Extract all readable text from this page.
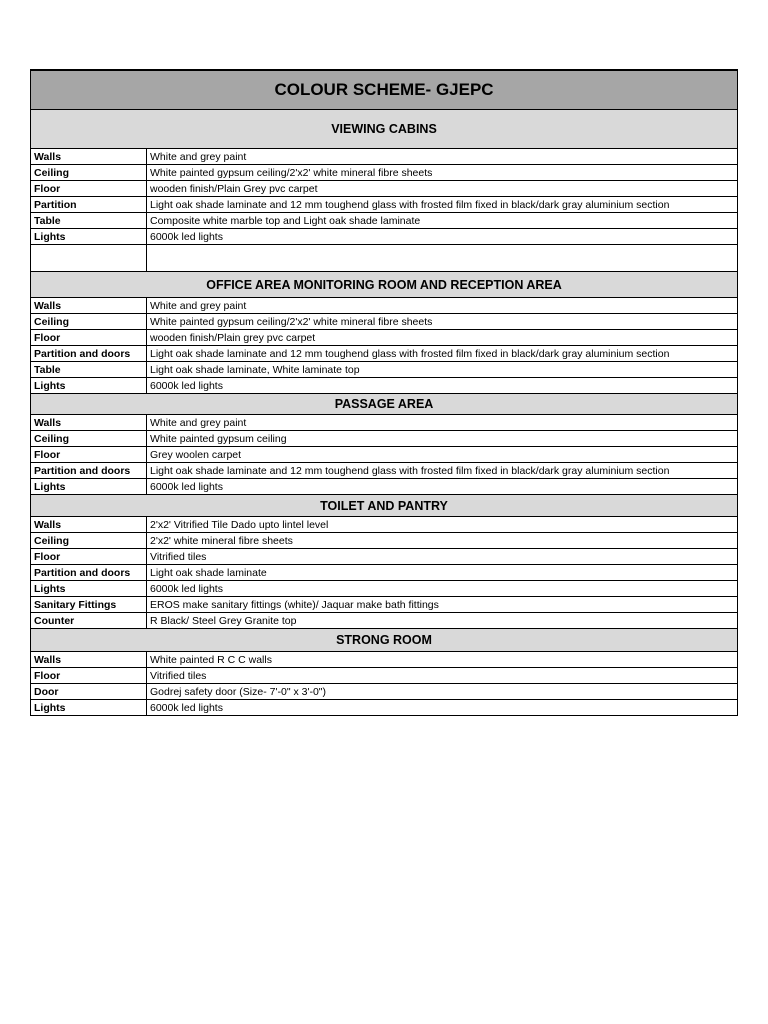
COLOUR SCHEME- GJEPC	
VIEWING CABINS	
Walls	White and grey paint
Ceiling	White painted gypsum ceiling/2'x2' white mineral fibre sheets
Floor	wooden finish/Plain Grey pvc carpet
Partition	Light oak shade laminate and 12 mm toughend glass with frosted film fixed in black/dark gray aluminium section
Table	Composite white marble top and Light oak shade laminate
Lights	6000k led lights

OFFICE AREA MONITORING ROOM AND RECEPTION AREA	
Walls	White and grey paint
Ceiling	White painted gypsum ceiling/2'x2' white mineral fibre sheets
Floor	wooden finish/Plain grey pvc carpet
Partition and doors	Light oak shade laminate and 12 mm toughend glass with frosted film fixed in black/dark gray aluminium section
Table	Light oak shade laminate, White laminate top
Lights	6000k led lights
PASSAGE AREA	
Walls	White and grey paint
Ceiling	White painted gypsum ceiling
Floor	Grey woolen carpet
Partition and doors	Light oak shade laminate and 12 mm toughend glass with frosted film fixed in black/dark gray aluminium section
Lights	6000k led lights
TOILET AND PANTRY	
Walls	2'x2' Vitrified Tile Dado upto lintel level
Ceiling	2'x2' white mineral fibre sheets
Floor	Vitrified tiles
Partition and doors	Light oak shade laminate
Lights	6000k led lights
Sanitary Fittings	EROS make sanitary fittings (white)/ Jaquar make bath fittings
Counter	R Black/ Steel Grey Granite top
STRONG ROOM	
Walls	White painted R C C walls
Floor	Vitrified tiles
Door	Godrej safety door (Size- 7'-0" x 3'-0")
Lights	6000k led lights
